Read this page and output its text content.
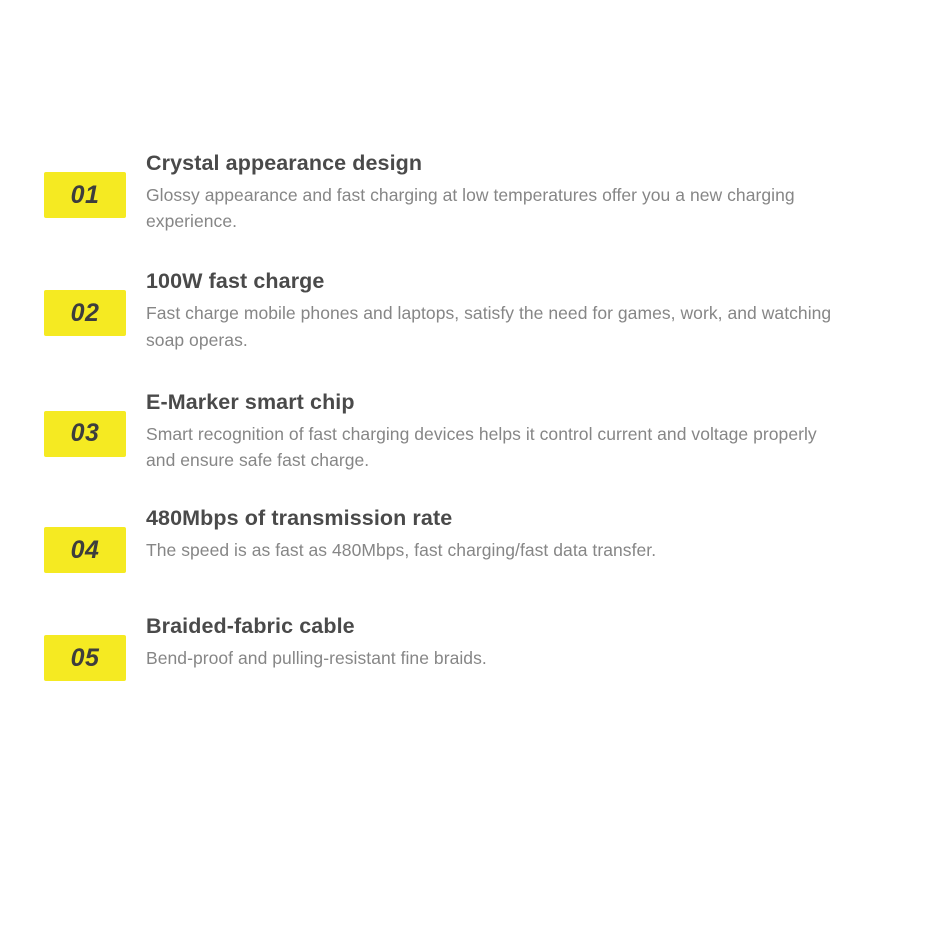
01

Crystal appearance design

Glossy appearance and fast charging at low temperatures offer you a new charging experience.

02

100W fast charge

Fast charge mobile phones and laptops, satisfy the need for games, work, and watching soap operas.

03

E-Marker smart chip

Smart recognition of fast charging devices helps it control current and voltage properly and ensure safe fast charge.

04

480Mbps of transmission rate

The speed is as fast as 480Mbps, fast charging/fast data transfer.

05

Braided-fabric cable

Bend-proof and pulling-resistant fine braids.
